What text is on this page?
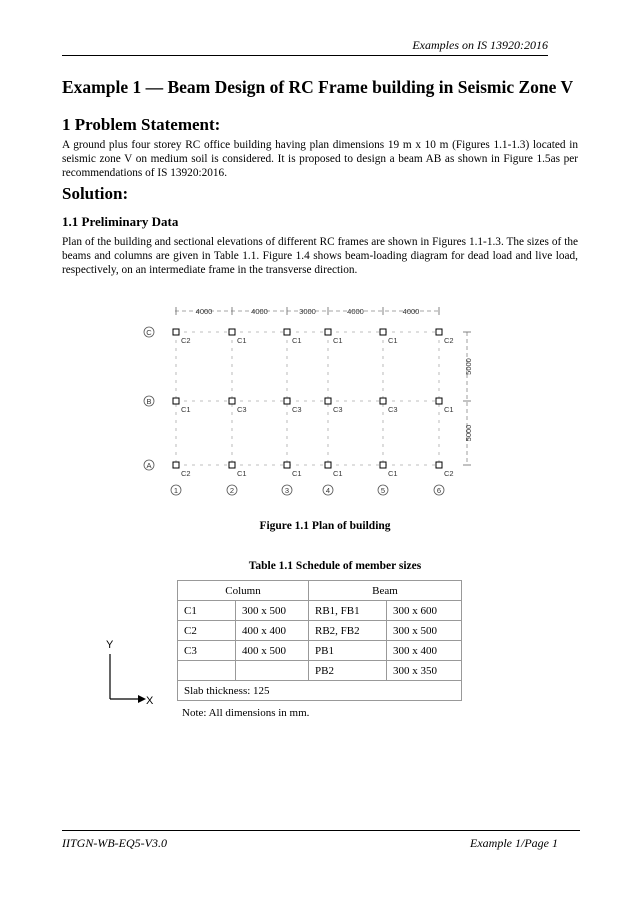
Examples on IS 13920:2016
Example 1 — Beam Design of RC Frame building in Seismic Zone V
1 Problem Statement:
A ground plus four storey RC office building having plan dimensions 19 m x 10 m (Figures 1.1-1.3) located in seismic zone V on medium soil is considered. It is proposed to design a beam AB as shown in Figure 1.5as per recommendations of IS 13920:2016.
Solution:
1.1 Preliminary Data
Plan of the building and sectional elevations of different RC frames are shown in Figures 1.1-1.3. The sizes of the beams and columns are given in Table 1.1. Figure 1.4 shows beam-loading diagram for dead load and live load, respectively, on an intermediate frame in the transverse direction.
4000	4000	3000	4000	4000
5000
5000
C
B
A
1	2	3	4	5	6
C2	C1	C1	C1	C1	C2
C1	C3	C3	C3	C3	C1
C2	C1	C1	C1	C1	C2
Figure 1.1 Plan of building
Y
X
Table 1.1 Schedule of member sizes
Column		Beam	
C1	300 x 500	RB1, FB1	300 x 600
C2	400 x 400	RB2, FB2	300 x 500
C3	400 x 500	PB1	300 x 400
		PB2	300 x 350
Slab thickness: 125			
Note: All dimensions in mm.
IITGN-WB-EQ5-V3.0	Example 1/Page 1
